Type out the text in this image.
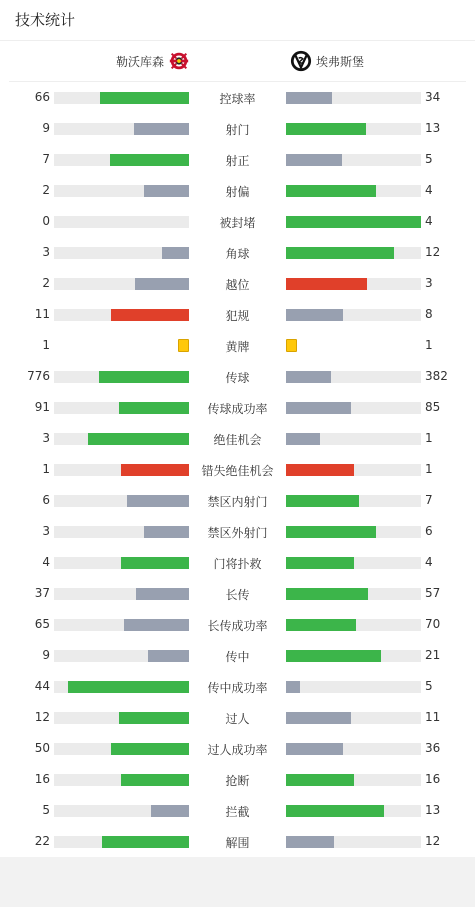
技术统计
勒沃库森	埃弗斯堡
66	控球率	34
9	射门	13
7	射正	5
2	射偏	4
0	被封堵	4
3	角球	12
2	越位	3
11	犯规	8
1	黄牌	1
776	传球	382
91	传球成功率	85
3	绝佳机会	1
1	错失绝佳机会	1
6	禁区内射门	7
3	禁区外射门	6
4	门将扑救	4
37	长传	57
65	长传成功率	70
9	传中	21
44	传中成功率	5
12	过人	11
50	过人成功率	36
16	抢断	16
5	拦截	13
22	解围	12
